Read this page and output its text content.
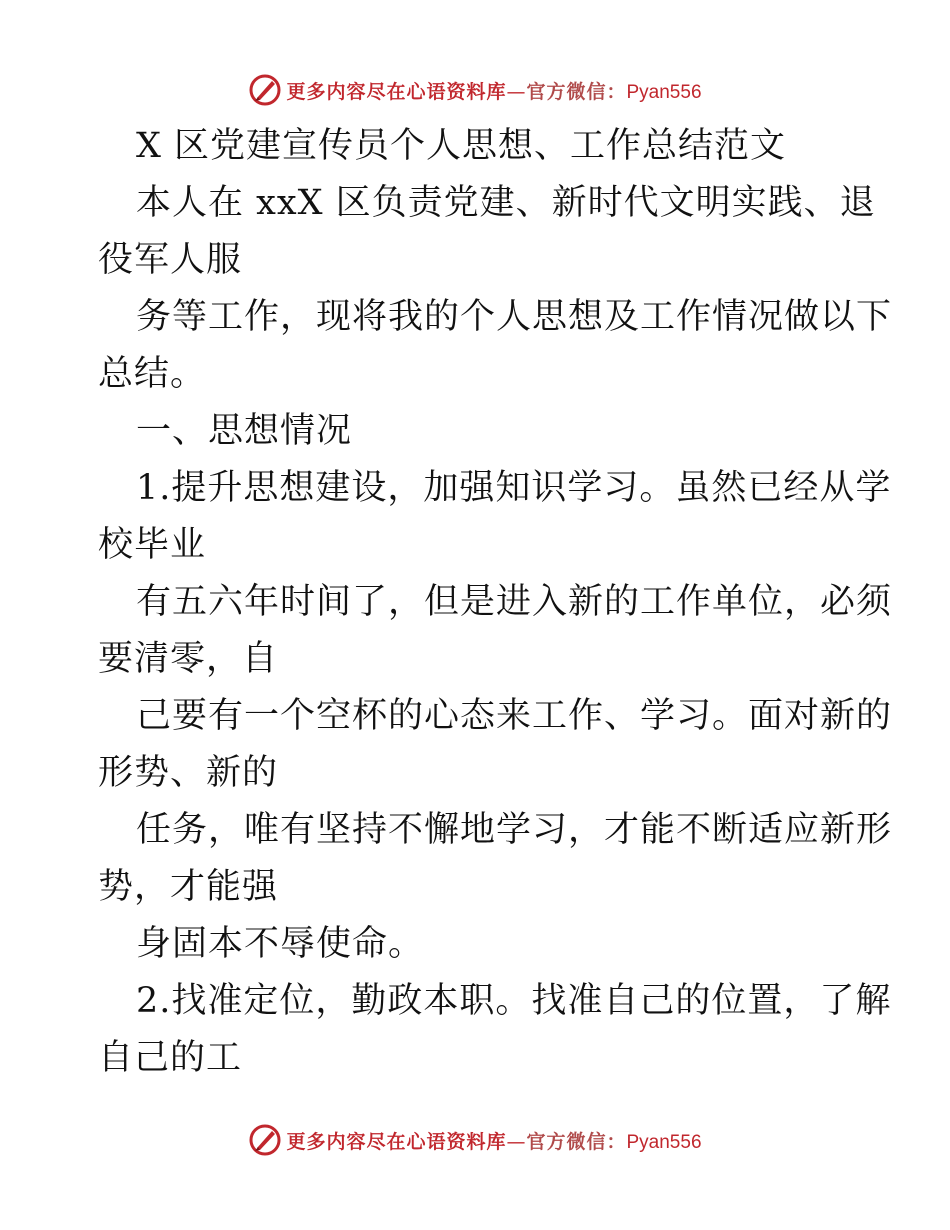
更多内容尽在心语资料库—官方微信：Pyan556
X 区党建宣传员个人思想、工作总结范文
本人在 xxX 区负责党建、新时代文明实践、退
役军人服
务等工作，现将我的个人思想及工作情况做以下
总结。
一、思想情况
1.提升思想建设，加强知识学习。虽然已经从学
校毕业
有五六年时间了，但是进入新的工作单位，必须
要清零，自
己要有一个空杯的心态来工作、学习。面对新的
形势、新的
任务，唯有坚持不懈地学习，才能不断适应新形
势，才能强
身固本不辱使命。
2.找准定位，勤政本职。找准自己的位置，了解
自己的工
更多内容尽在心语资料库—官方微信：Pyan556
